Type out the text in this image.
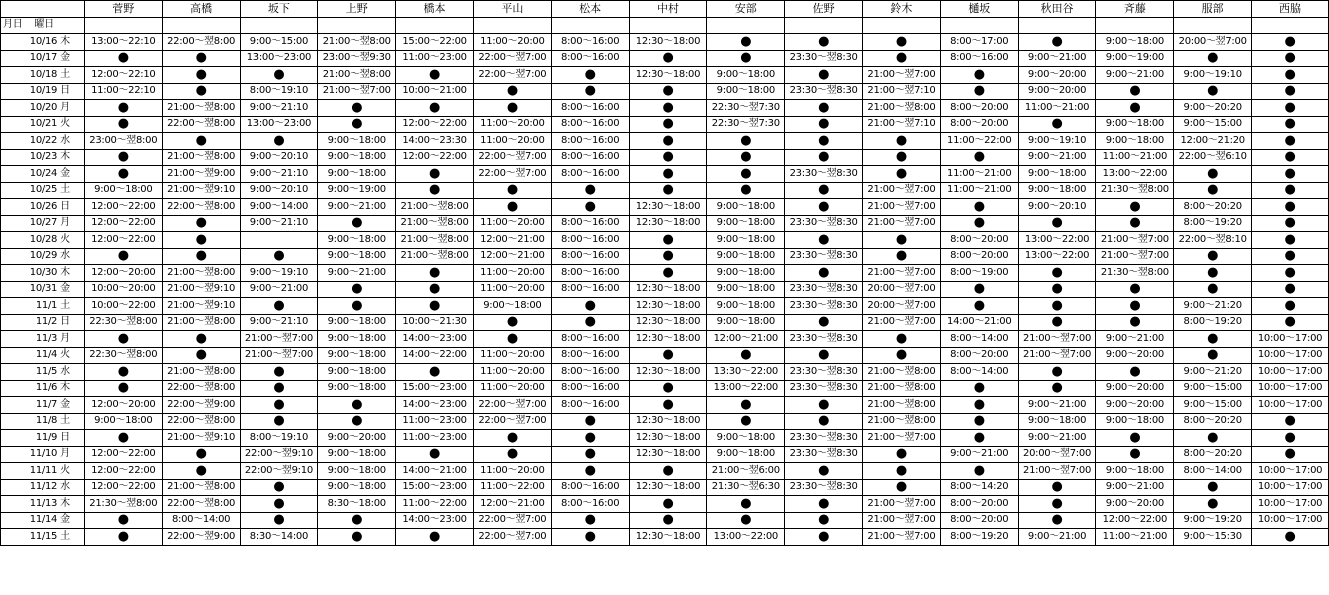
		菅野	高橋	坂下	上野	橋本	平山	松本	中村	安部	佐野	鈴木	樋坂	秋田谷	斉藤	服部	西脇
月日 曜日																	
10/16	木	13:00～22:10	22:00～翌8:00	9:00～15:00	21:00～翌8:00	15:00～22:00	11:00～20:00	8:00～16:00	12:30～18:00	●	●	●	8:00～17:00	●	9:00～18:00	20:00～翌7:00	●
10/17	金	●	●	13:00～23:00	23:00～翌9:30	11:00～23:00	22:00～翌7:00	8:00～16:00	●	●	23:30～翌8:30	●	8:00～16:00	9:00～21:00	9:00～19:00	●	●
10/18	土	12:00～22:10	●	●	21:00～翌8:00	●	22:00～翌7:00	●	12:30～18:00	9:00～18:00	●	21:00～翌7:00	●	9:00～20:00	9:00～21:00	9:00～19:10	●
10/19	日	11:00～22:10	●	8:00～19:10	21:00～翌7:00	10:00～21:00	●	●	●	9:00～18:00	23:30～翌8:30	21:00～翌7:10	●	9:00～20:00	●	●	●
10/20	月	●	21:00～翌8:00	9:00～21:10	●	●	●	8:00～16:00	●	22:30～翌7:30	●	21:00～翌8:00	8:00～20:00	11:00～21:00	●	9:00～20:20	●
10/21	火	●	22:00～翌8:00	13:00～23:00	●	12:00～22:00	11:00～20:00	8:00～16:00	●	22:30～翌7:30	●	21:00～翌7:10	8:00～20:00	●	9:00～18:00	9:00～15:00	●
10/22	水	23:00～翌8:00	●	●	9:00～18:00	14:00～23:30	11:00～20:00	8:00～16:00	●	●	●	●	11:00～22:00	9:00～19:10	9:00～18:00	12:00～21:20	●
10/23	木	●	21:00～翌8:00	9:00～20:10	9:00～18:00	12:00～22:00	22:00～翌7:00	8:00～16:00	●	●	●	●	●	9:00～21:00	11:00～21:00	22:00～翌6:10	●
10/24	金	●	21:00～翌9:00	9:00～21:10	9:00～18:00	●	22:00～翌7:00	8:00～16:00	●	●	23:30～翌8:30	●	11:00～21:00	9:00～18:00	13:00～22:00	●	●
10/25	土	9:00～18:00	21:00～翌9:10	9:00～20:10	9:00～19:00	●	●	●	●	●	●	21:00～翌7:00	11:00～21:00	9:00～18:00	21:30～翌8:00	●	●
10/26	日	12:00～22:00	22:00～翌8:00	9:00～14:00	9:00～21:00	21:00～翌8:00	●	●	12:30～18:00	9:00～18:00	●	21:00～翌7:00	●	9:00～20:10	●	8:00～20:20	●
10/27	月	12:00～22:00	●	9:00～21:10	●	21:00～翌8:00	11:00～20:00	8:00～16:00	12:30～18:00	9:00～18:00	23:30～翌8:30	21:00～翌7:00	●	●	●	8:00～19:20	●
10/28	火	12:00～22:00	●		9:00～18:00	21:00～翌8:00	12:00～21:00	8:00～16:00	●	9:00～18:00	●	●	8:00～20:00	13:00～22:00	21:00～翌7:00	22:00～翌8:10	●
10/29	水	●	●	●	9:00～18:00	21:00～翌8:00	12:00～21:00	8:00～16:00	●	9:00～18:00	23:30～翌8:30	●	8:00～20:00	13:00～22:00	21:00～翌7:00	●	●
10/30	木	12:00～20:00	21:00～翌8:00	9:00～19:10	9:00～21:00	●	11:00～20:00	8:00～16:00	●	9:00～18:00	●	21:00～翌7:00	8:00～19:00	●	21:30～翌8:00	●	●
10/31	金	10:00～20:00	21:00～翌9:10	9:00～21:00	●	●	11:00～20:00	8:00～16:00	12:30～18:00	9:00～18:00	23:30～翌8:30	20:00～翌7:00	●	●	●	●	●
11/1	土	10:00～22:00	21:00～翌9:10	●	●	●	9:00～18:00	●	12:30～18:00	9:00～18:00	23:30～翌8:30	20:00～翌7:00	●	●	●	9:00～21:20	●
11/2	日	22:30～翌8:00	21:00～翌8:00	9:00～21:10	9:00～18:00	10:00～21:30	●	●	12:30～18:00	9:00～18:00	●	21:00～翌7:00	14:00～21:00	●	●	8:00～19:20	●
11/3	月	●	●	21:00～翌7:00	9:00～18:00	14:00～23:00	●	8:00～16:00	12:30～18:00	12:00～21:00	23:30～翌8:30	●	8:00～14:00	21:00～翌7:00	9:00～21:00	●	10:00～17:00
11/4	火	22:30～翌8:00	●	21:00～翌7:00	9:00～18:00	14:00～22:00	11:00～20:00	8:00～16:00	●	●	●	●	8:00～20:00	21:00～翌7:00	9:00～20:00	●	10:00～17:00
11/5	水	●	21:00～翌8:00	●	9:00～18:00	●	11:00～20:00	8:00～16:00	12:30～18:00	13:30～22:00	23:30～翌8:30	21:00～翌8:00	8:00～14:00	●	●	9:00～21:20	10:00～17:00
11/6	木	●	22:00～翌8:00	●	9:00～18:00	15:00～23:00	11:00～20:00	8:00～16:00	●	13:00～22:00	23:30～翌8:30	21:00～翌8:00	●	●	9:00～20:00	9:00～15:00	10:00～17:00
11/7	金	12:00～20:00	22:00～翌9:00	●	●	14:00～23:00	22:00～翌7:00	8:00～16:00	●	●	●	21:00～翌8:00	●	9:00～21:00	9:00～20:00	9:00～15:00	10:00～17:00
11/8	土	9:00～18:00	22:00～翌8:00	●	●	11:00～23:00	22:00～翌7:00	●	12:30～18:00	●	●	21:00～翌8:00	●	9:00～18:00	9:00～18:00	8:00～20:20	●
11/9	日	●	21:00～翌9:10	8:00～19:10	9:00～20:00	11:00～23:00	●	●	12:30～18:00	9:00～18:00	23:30～翌8:30	21:00～翌7:00	●	9:00～21:00	●	●	●
11/10	月	12:00～22:00	●	22:00～翌9:10	9:00～18:00	●	●	●	12:30～18:00	9:00～18:00	23:30～翌8:30	●	9:00～21:00	20:00～翌7:00	●	8:00～20:20	●
11/11	火	12:00～22:00	●	22:00～翌9:10	9:00～18:00	14:00～21:00	11:00～20:00	●	●	21:00～翌6:00	●	●	●	21:00～翌7:00	9:00～18:00	8:00～14:00	10:00～17:00
11/12	水	12:00～22:00	21:00～翌8:00	●	9:00～18:00	15:00～23:00	11:00～22:00	8:00～16:00	12:30～18:00	21:30～翌6:30	23:30～翌8:30	●	8:00～14:20	●	9:00～21:00	●	10:00～17:00
11/13	木	21:30～翌8:00	22:00～翌8:00	●	8:30～18:00	11:00～22:00	12:00～21:00	8:00～16:00	●	●	●	21:00～翌7:00	8:00～20:00	●	9:00～20:00	●	10:00～17:00
11/14	金	●	8:00～14:00	●	●	14:00～23:00	22:00～翌7:00	●	●	●	●	21:00～翌7:00	8:00～20:00	●	12:00～22:00	9:00～19:20	10:00～17:00
11/15	土	●	22:00～翌9:00	8:30～14:00	●	●	22:00～翌7:00	●	12:30～18:00	13:00～22:00	●	21:00～翌7:00	8:00～19:20	9:00～21:00	11:00～21:00	9:00～15:30	●
